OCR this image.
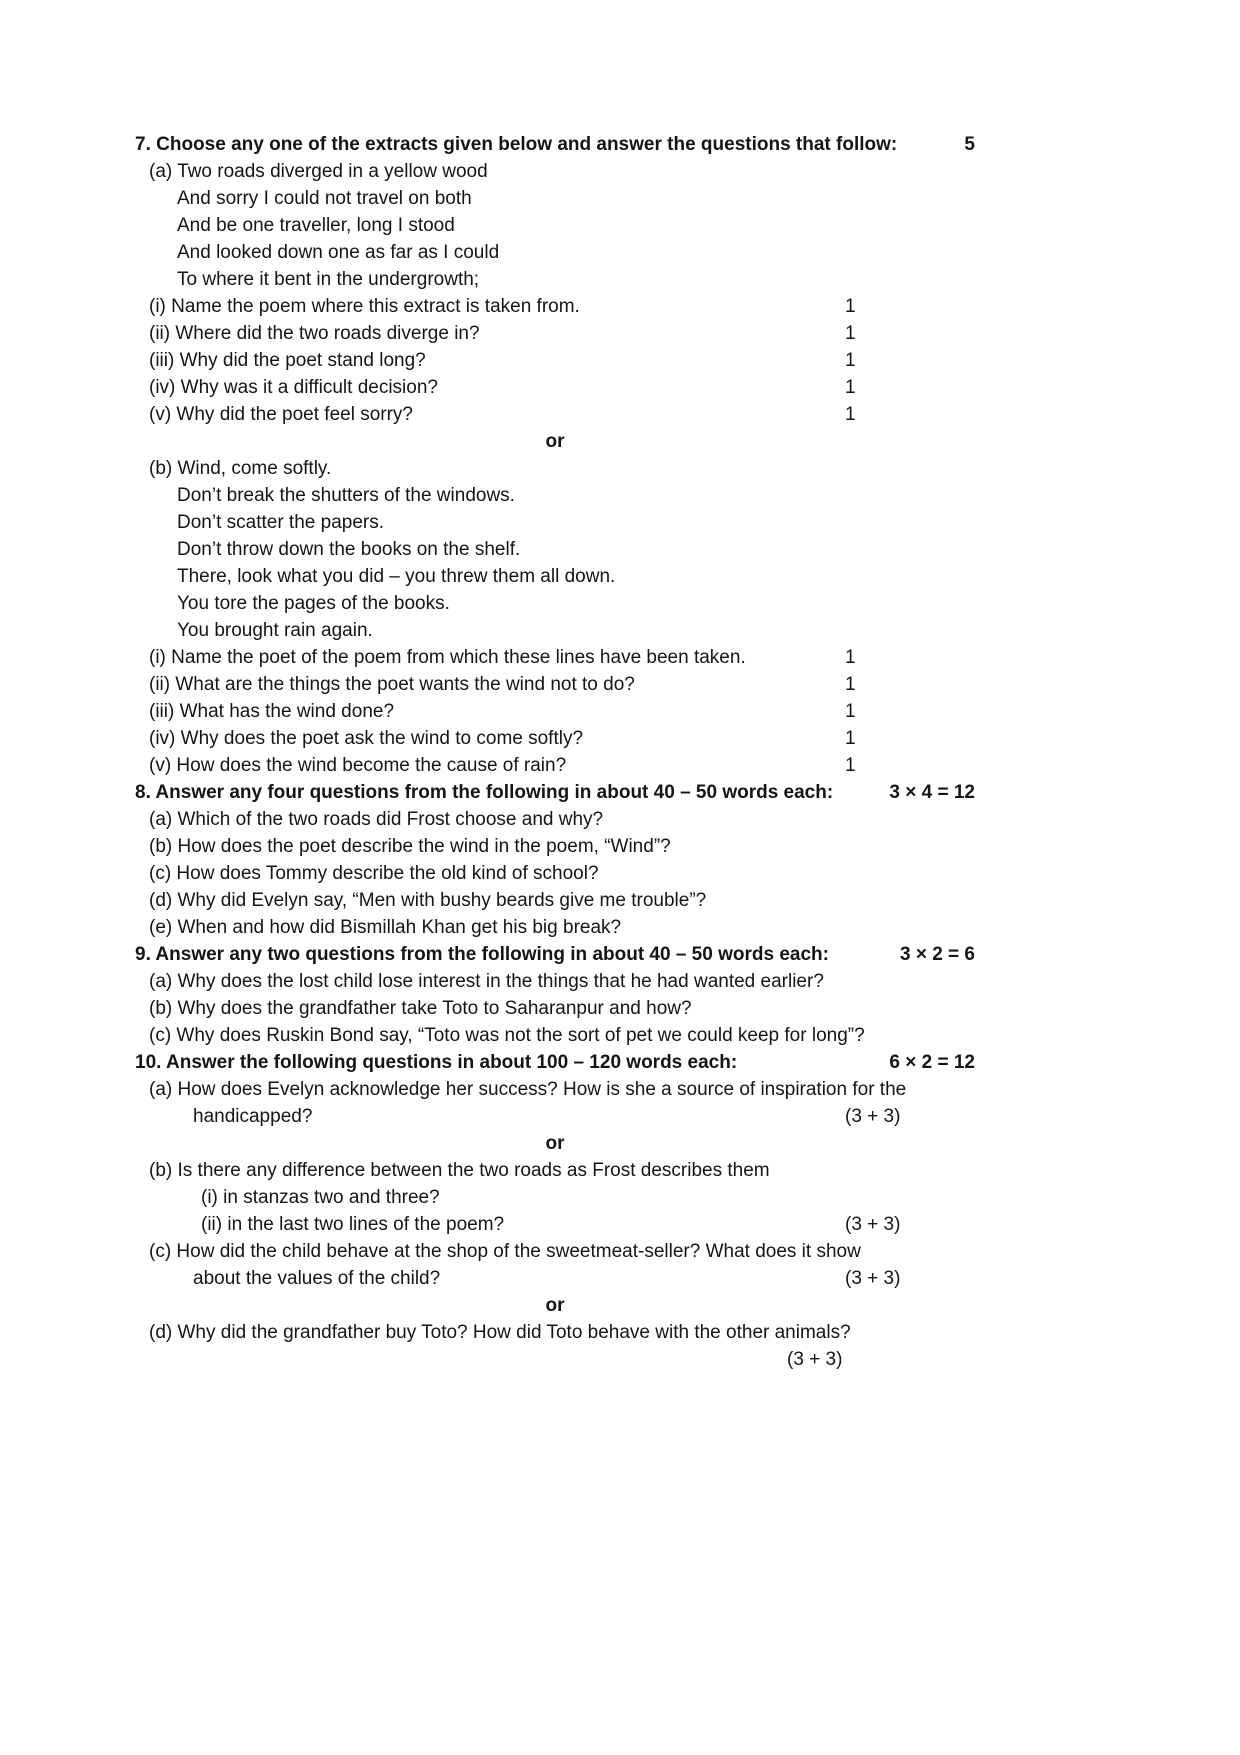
7. Choose any one of the extracts given below and answer the questions that follow:	5
(a) Two roads diverged in a yellow wood
And sorry I could not travel on both
And be one traveller, long I stood
And looked down one as far as I could
To where it bent in the undergrowth;
(i) Name the poem where this extract is taken from.	1
(ii) Where did the two roads diverge in?	1
(iii) Why did the poet stand long?	1
(iv) Why was it a difficult decision?	1
(v) Why did the poet feel sorry?	1
or
(b) Wind, come softly.
Don’t break the shutters of the windows.
Don’t scatter the papers.
Don’t throw down the books on the shelf.
There, look what you did – you threw them all down.
You tore the pages of the books.
You brought rain again.
(i) Name the poet of the poem from which these lines have been taken.	1
(ii) What are the things the poet wants the wind not to do?	1
(iii) What has the wind done?	1
(iv) Why does the poet ask the wind to come softly?	1
(v) How does the wind become the cause of rain?	1
8. Answer any four questions from the following in about 40 – 50 words each:	3 × 4 = 12
(a) Which of the two roads did Frost choose and why?
(b) How does the poet describe the wind in the poem, “Wind”?
(c) How does Tommy describe the old kind of school?
(d) Why did Evelyn say, “Men with bushy beards give me trouble”?
(e) When and how did Bismillah Khan get his big break?
9. Answer any two questions from the following in about 40 – 50 words each:	3 × 2 = 6
(a) Why does the lost child lose interest in the things that he had wanted earlier?
(b) Why does the grandfather take Toto to Saharanpur and how?
(c) Why does Ruskin Bond say, “Toto was not the sort of pet we could keep for long”?
10. Answer the following questions in about 100 – 120 words each:	6 × 2 = 12
(a) How does Evelyn acknowledge her success? How is she a source of inspiration for the
handicapped?	(3 + 3)
or
(b) Is there any difference between the two roads as Frost describes them
(i) in stanzas two and three?
(ii) in the last two lines of the poem?	(3 + 3)
(c) How did the child behave at the shop of the sweetmeat-seller? What does it show
about the values of the child?	(3 + 3)
or
(d) Why did the grandfather buy Toto? How did Toto behave with the other animals?
(3 + 3)
